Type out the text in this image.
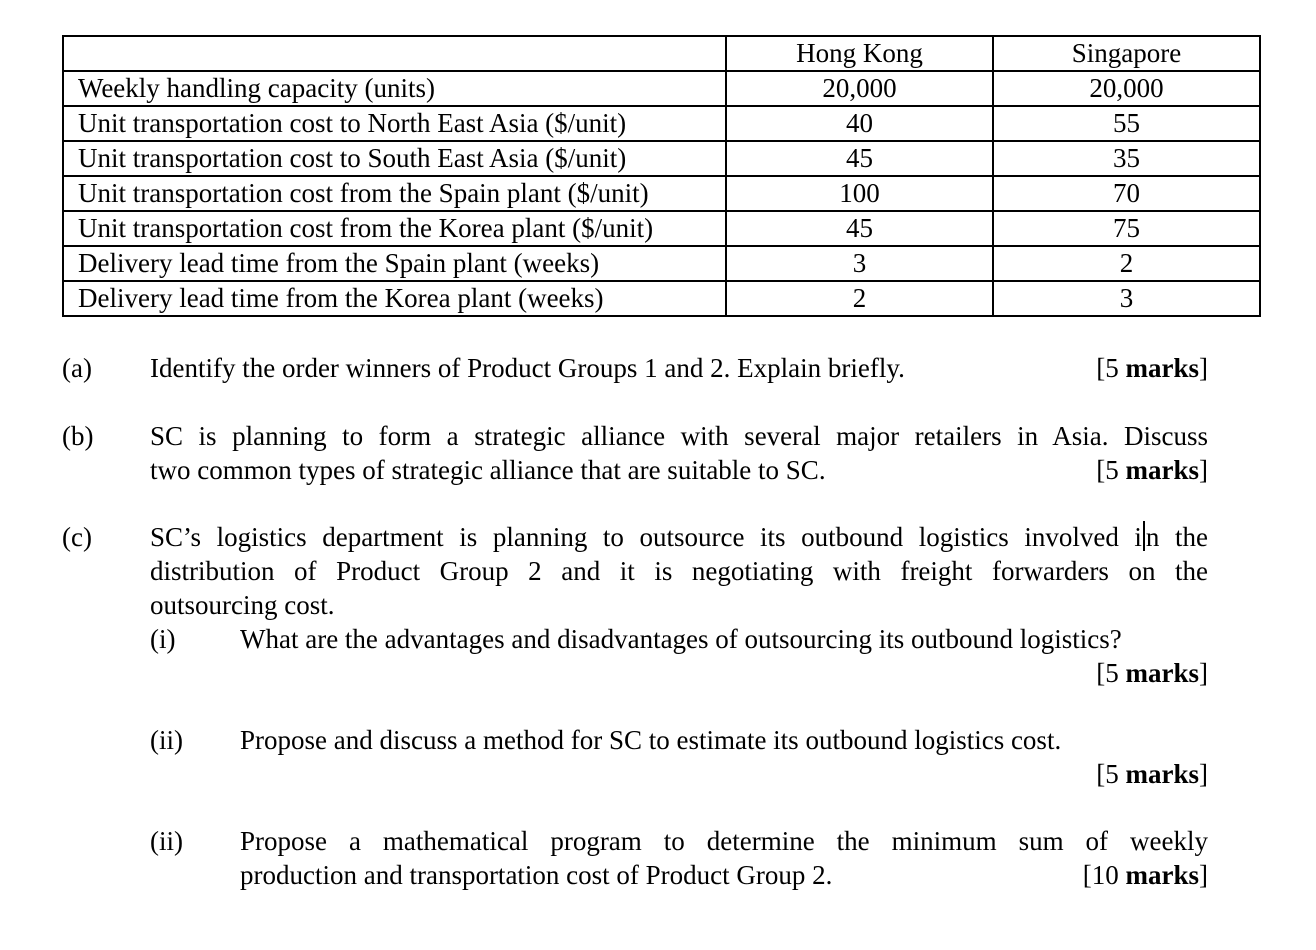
	Hong Kong	Singapore
Weekly handling capacity (units)	20,000	20,000
Unit transportation cost to North East Asia ($/unit)	40	55
Unit transportation cost to South East Asia ($/unit)	45	35
Unit transportation cost from the Spain plant ($/unit)	100	70
Unit transportation cost from the Korea plant ($/unit)	45	75
Delivery lead time from the Spain plant (weeks)	3	2
Delivery lead time from the Korea plant (weeks)	2	3
(a)	[5 marks]
Identify the order winners of Product Groups 1 and 2. Explain briefly.
(b) SC is planning to form a strategic alliance with several major retailers in Asia. Discuss
[5 marks]
two common types of strategic alliance that are suitable to SC.
(c) SC’s logistics department is planning to outsource its outbound logistics involved i n the
distribution of Product Group 2 and it is negotiating with freight forwarders on the
outsourcing cost.
(i) What are the advantages and disadvantages of outsourcing its outbound logistics?
[5 marks]
(ii) Propose and discuss a method for SC to estimate its outbound logistics cost.
[5 marks]
(ii) Propose a mathematical program to determine the minimum sum of weekly
[10 marks]
production and transportation cost of Product Group 2.
